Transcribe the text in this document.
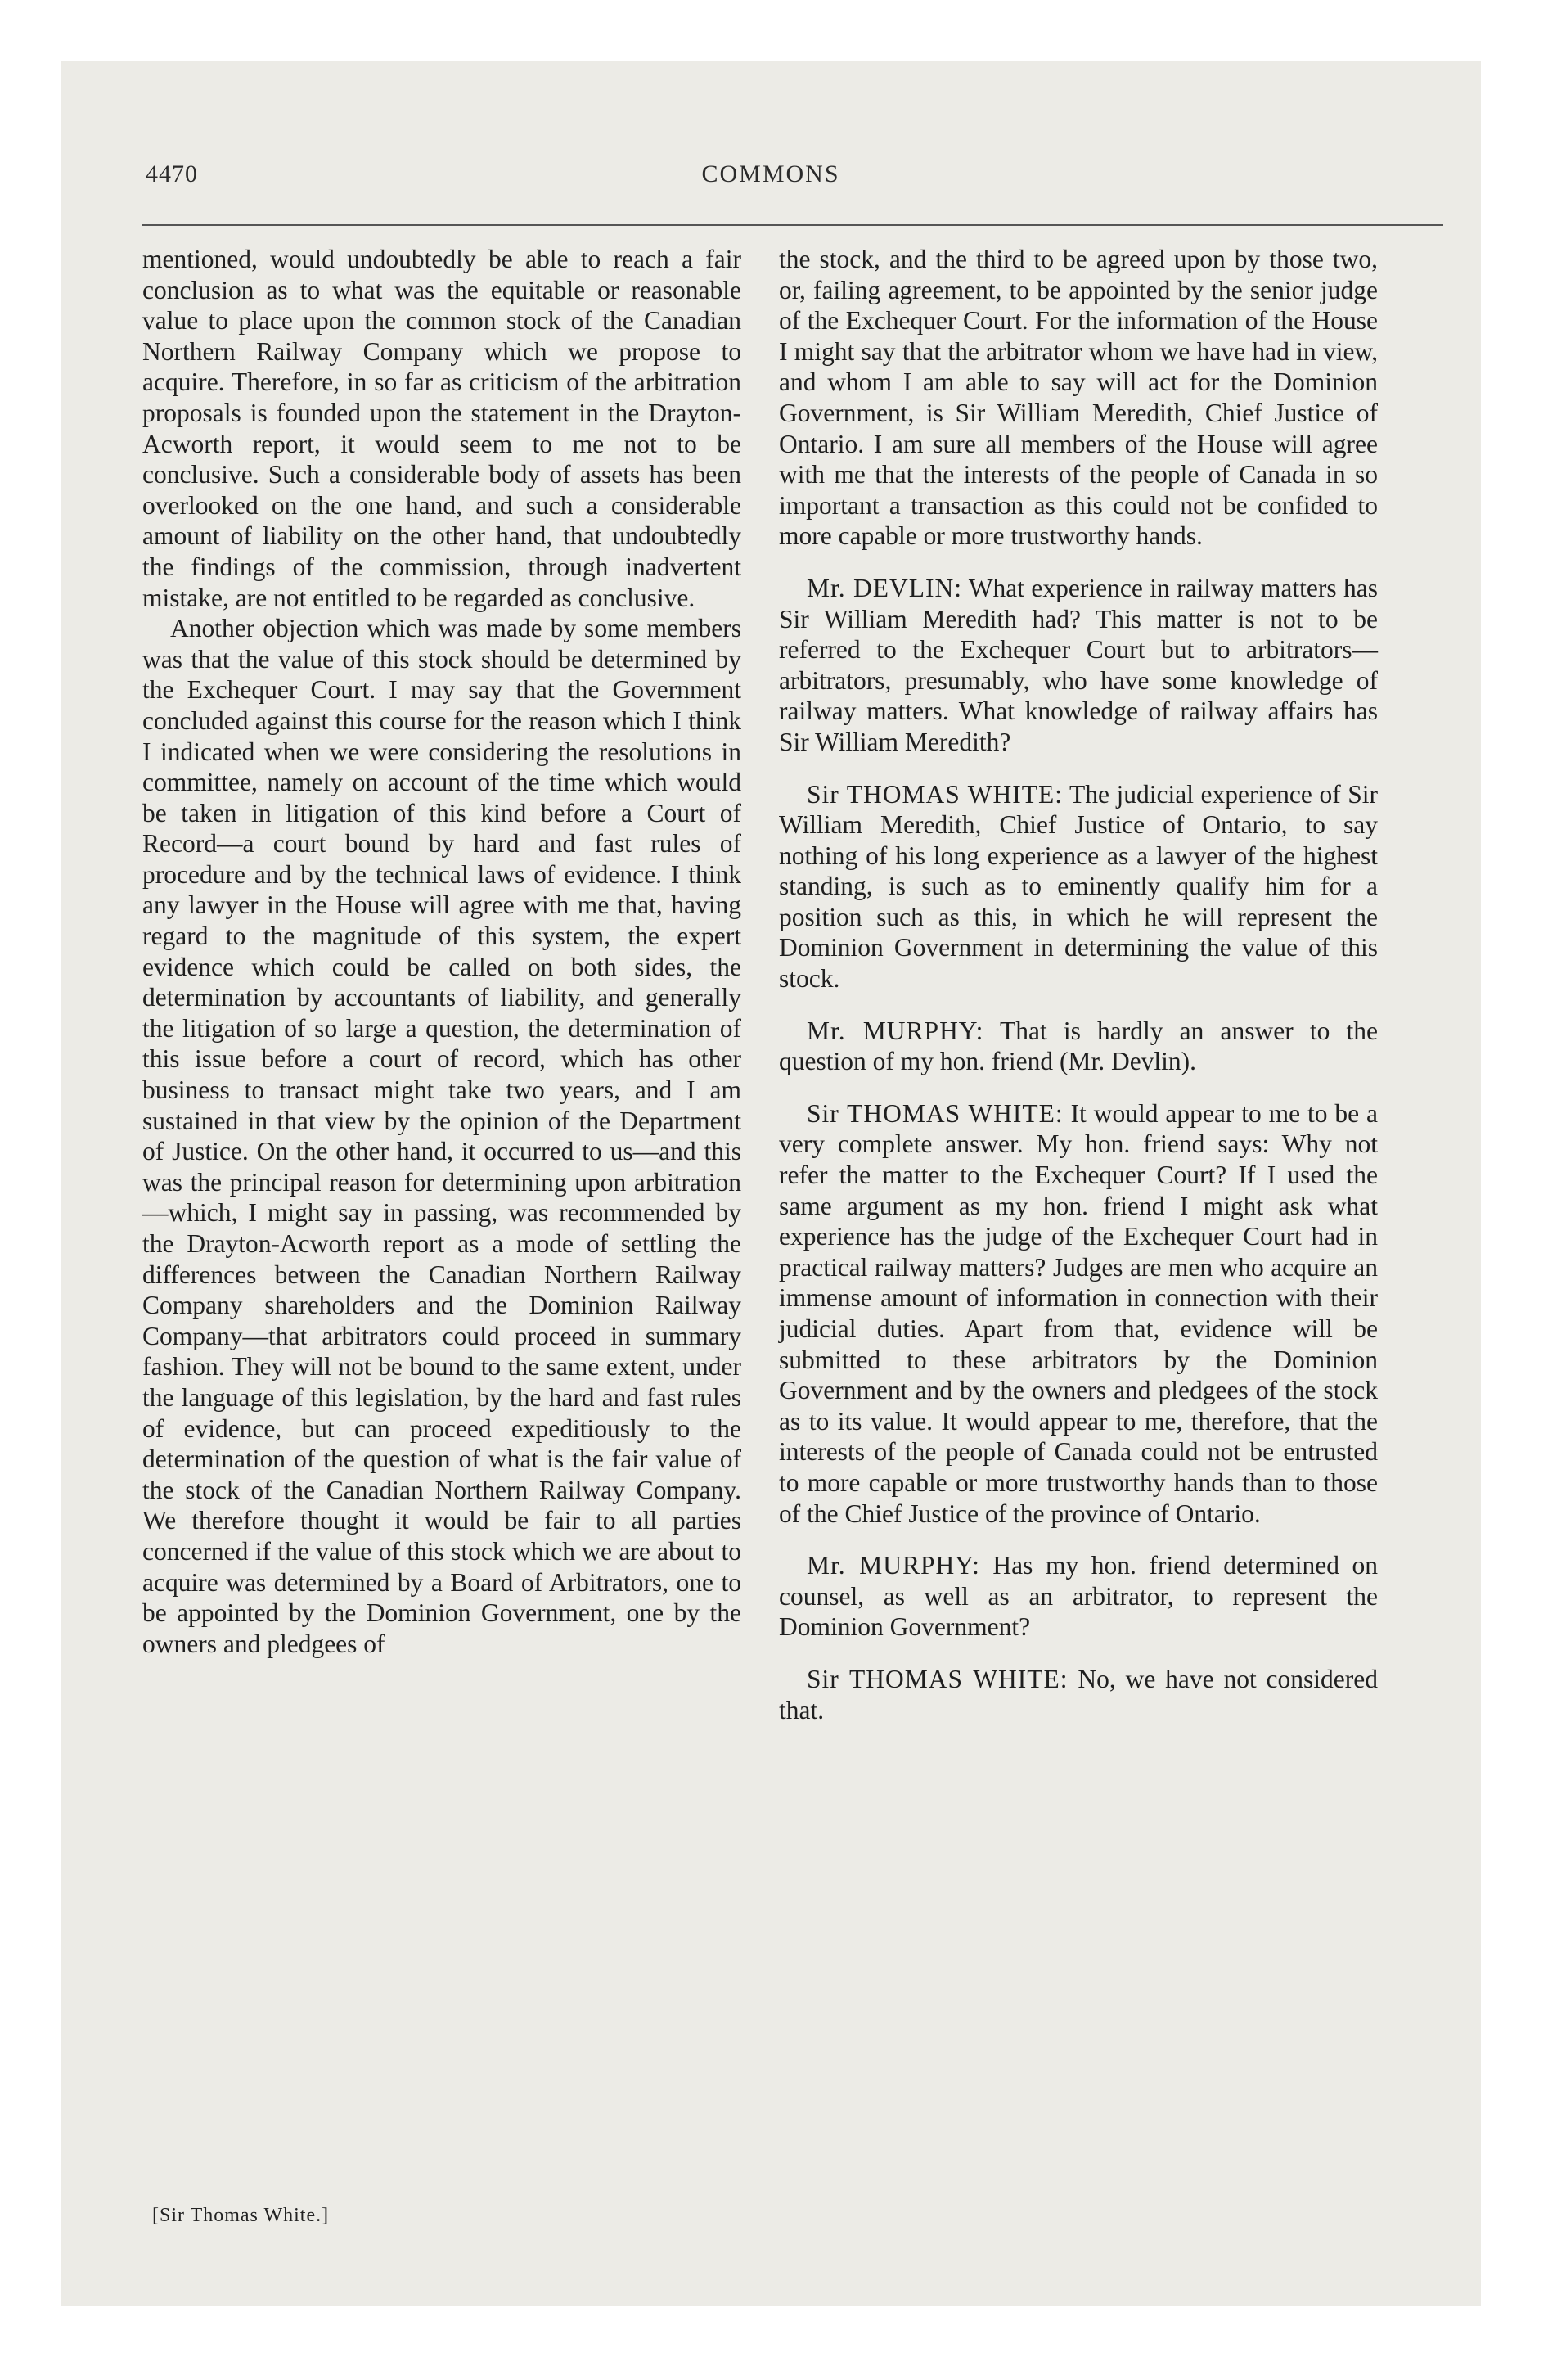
4470	COMMONS

mentioned, would undoubtedly be able to reach a fair conclusion as to what was the equitable or reasonable value to place upon the common stock of the Canadian Northern Railway Company which we propose to acquire. Therefore, in so far as criticism of the arbitration proposals is founded upon the statement in the Drayton-Acworth report, it would seem to me not to be conclusive. Such a considerable body of assets has been overlooked on the one hand, and such a considerable amount of liability on the other hand, that undoubtedly the findings of the commission, through inadvertent mistake, are not entitled to be regarded as conclusive.

Another objection which was made by some members was that the value of this stock should be determined by the Exchequer Court. I may say that the Government concluded against this course for the reason which I think I indicated when we were considering the resolutions in committee, namely on account of the time which would be taken in litigation of this kind before a Court of Record—a court bound by hard and fast rules of procedure and by the technical laws of evidence. I think any lawyer in the House will agree with me that, having regard to the magnitude of this system, the expert evidence which could be called on both sides, the determination by accountants of liability, and generally the litigation of so large a question, the determination of this issue before a court of record, which has other business to transact might take two years, and I am sustained in that view by the opinion of the Department of Justice. On the other hand, it occurred to us—and this was the principal reason for determining upon arbitration—which, I might say in passing, was recommended by the Drayton-Acworth report as a mode of settling the differences between the Canadian Northern Railway Company shareholders and the Dominion Railway Company—that arbitrators could proceed in summary fashion. They will not be bound to the same extent, under the language of this legislation, by the hard and fast rules of evidence, but can proceed expeditiously to the determination of the question of what is the fair value of the stock of the Canadian Northern Railway Company. We therefore thought it would be fair to all parties concerned if the value of this stock which we are about to acquire was determined by a Board of Arbitrators, one to be appointed by the Dominion Government, one by the owners and pledgees of

[Sir Thomas White.]

the stock, and the third to be agreed upon by those two, or, failing agreement, to be appointed by the senior judge of the Exchequer Court. For the information of the House I might say that the arbitrator whom we have had in view, and whom I am able to say will act for the Dominion Government, is Sir William Meredith, Chief Justice of Ontario. I am sure all members of the House will agree with me that the interests of the people of Canada in so important a transaction as this could not be confided to more capable or more trustworthy hands.

Mr. DEVLIN: What experience in railway matters has Sir William Meredith had? This matter is not to be referred to the Exchequer Court but to arbitrators—arbitrators, presumably, who have some knowledge of railway matters. What knowledge of railway affairs has Sir William Meredith?

Sir THOMAS WHITE: The judicial experience of Sir William Meredith, Chief Justice of Ontario, to say nothing of his long experience as a lawyer of the highest standing, is such as to eminently qualify him for a position such as this, in which he will represent the Dominion Government in determining the value of this stock.

Mr. MURPHY: That is hardly an answer to the question of my hon. friend (Mr. Devlin).

Sir THOMAS WHITE: It would appear to me to be a very complete answer. My hon. friend says: Why not refer the matter to the Exchequer Court? If I used the same argument as my hon. friend I might ask what experience has the judge of the Exchequer Court had in practical railway matters? Judges are men who acquire an immense amount of information in connection with their judicial duties. Apart from that, evidence will be submitted to these arbitrators by the Dominion Government and by the owners and pledgees of the stock as to its value. It would appear to me, therefore, that the interests of the people of Canada could not be entrusted to more capable or more trustworthy hands than to those of the Chief Justice of the province of Ontario.

Mr. MURPHY: Has my hon. friend determined on counsel, as well as an arbitrator, to represent the Dominion Government?

Sir THOMAS WHITE: No, we have not considered that.
